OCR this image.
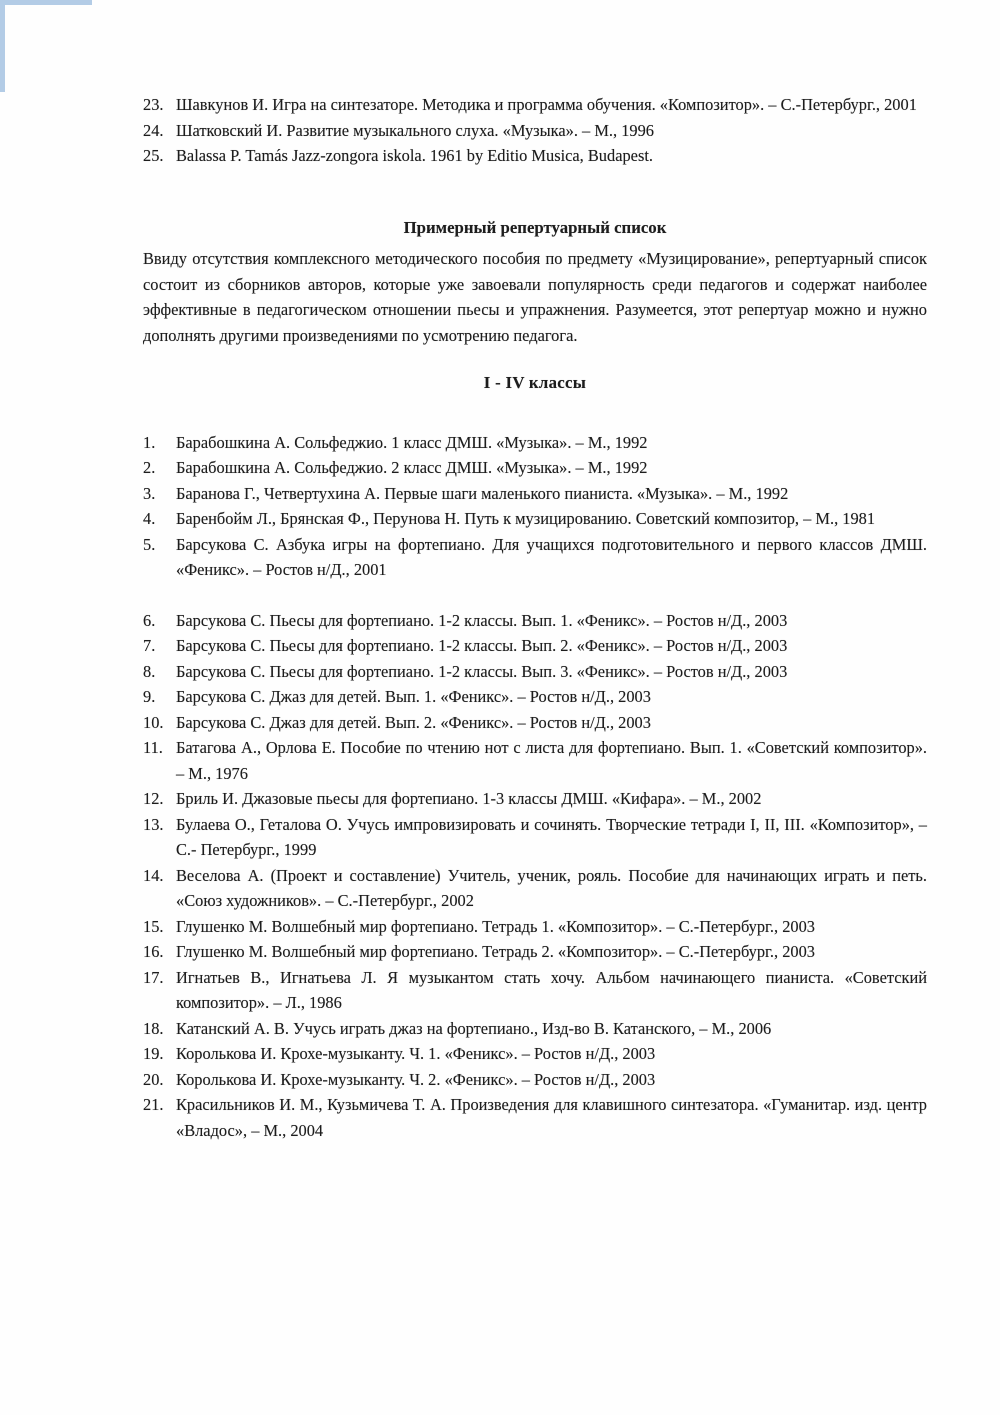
23. Шавкунов И. Игра на синтезаторе. Методика и программа обучения. «Композитор». – С.-Петербург., 2001
24. Шатковский И. Развитие музыкального слуха. «Музыка». – М., 1996
25. Balassa P. Tamás Jazz-zongora iskola. 1961 by Editio Musica, Budapest.
Примерный репертуарный список

Ввиду отсутствия комплексного методического пособия по предмету «Музицирование», репертуарный список состоит из сборников авторов, которые уже завоевали популярность среди педагогов и содержат наиболее эффективные в педагогическом отношении пьесы и упражнения. Разумеется, этот репертуар можно и нужно дополнять другими произведениями по усмотрению педагога.

I - IV классы
1.	Барабошкина А. Сольфеджио. 1 класс ДМШ. «Музыка». – М., 1992
2.	Барабошкина А. Сольфеджио. 2 класс ДМШ. «Музыка». – М., 1992
3.	Баранова Г., Четвертухина А. Первые шаги маленького пианиста. «Музыка». – М., 1992
4.	Баренбойм Л., Брянская Ф., Перунова Н. Путь к музицированию. Советский композитор, – М., 1981
5.	Барсукова С. Азбука игры на фортепиано. Для учащихся подготовительного и первого классов ДМШ. «Феникс». – Ростов н/Д., 2001
6.	Барсукова С. Пьесы для фортепиано. 1-2 классы. Вып. 1. «Феникс». – Ростов н/Д., 2003
7.	Барсукова С. Пьесы для фортепиано. 1-2 классы. Вып. 2. «Феникс». – Ростов н/Д., 2003
8.	Барсукова С. Пьесы для фортепиано. 1-2 классы. Вып. 3. «Феникс». – Ростов н/Д., 2003
9.	Барсукова С. Джаз для детей. Вып. 1. «Феникс». – Ростов н/Д., 2003
10. Барсукова С. Джаз для детей. Вып. 2. «Феникс». – Ростов н/Д., 2003
11. Батагова А., Орлова Е. Пособие по чтению нот с листа для фортепиано. Вып. 1. «Советский композитор». – М., 1976
12. Бриль И. Джазовые пьесы для фортепиано. 1-3 классы ДМШ. «Кифара». – М., 2002
13. Булаева О., Геталова О. Учусь импровизировать и сочинять. Творческие тетради I, II, III. «Композитор», – С.- Петербург., 1999
14. Веселова А. (Проект и составление) Учитель, ученик, рояль. Пособие для начинающих играть и петь. «Союз художников». – С.-Петербург., 2002
15. Глушенко М. Волшебный мир фортепиано. Тетрадь 1. «Композитор». – С.-Петербург., 2003
16. Глушенко М. Волшебный мир фортепиано. Тетрадь 2. «Композитор». – С.-Петербург., 2003
17. Игнатьев В., Игнатьева Л. Я музыкантом стать хочу. Альбом начинающего пианиста. «Советский композитор». – Л., 1986
18. Катанский А. В. Учусь играть джаз на фортепиано., Изд-во В. Катанского, – М., 2006
19. Королькова И. Крохе-музыканту. Ч. 1. «Феникс». – Ростов н/Д., 2003
20. Королькова И. Крохе-музыканту. Ч. 2. «Феникс». – Ростов н/Д., 2003
21. Красильников И. М., Кузьмичева Т. А. Произведения для клавишного синтезатора. «Гуманитар. изд. центр «Владос», – М., 2004
